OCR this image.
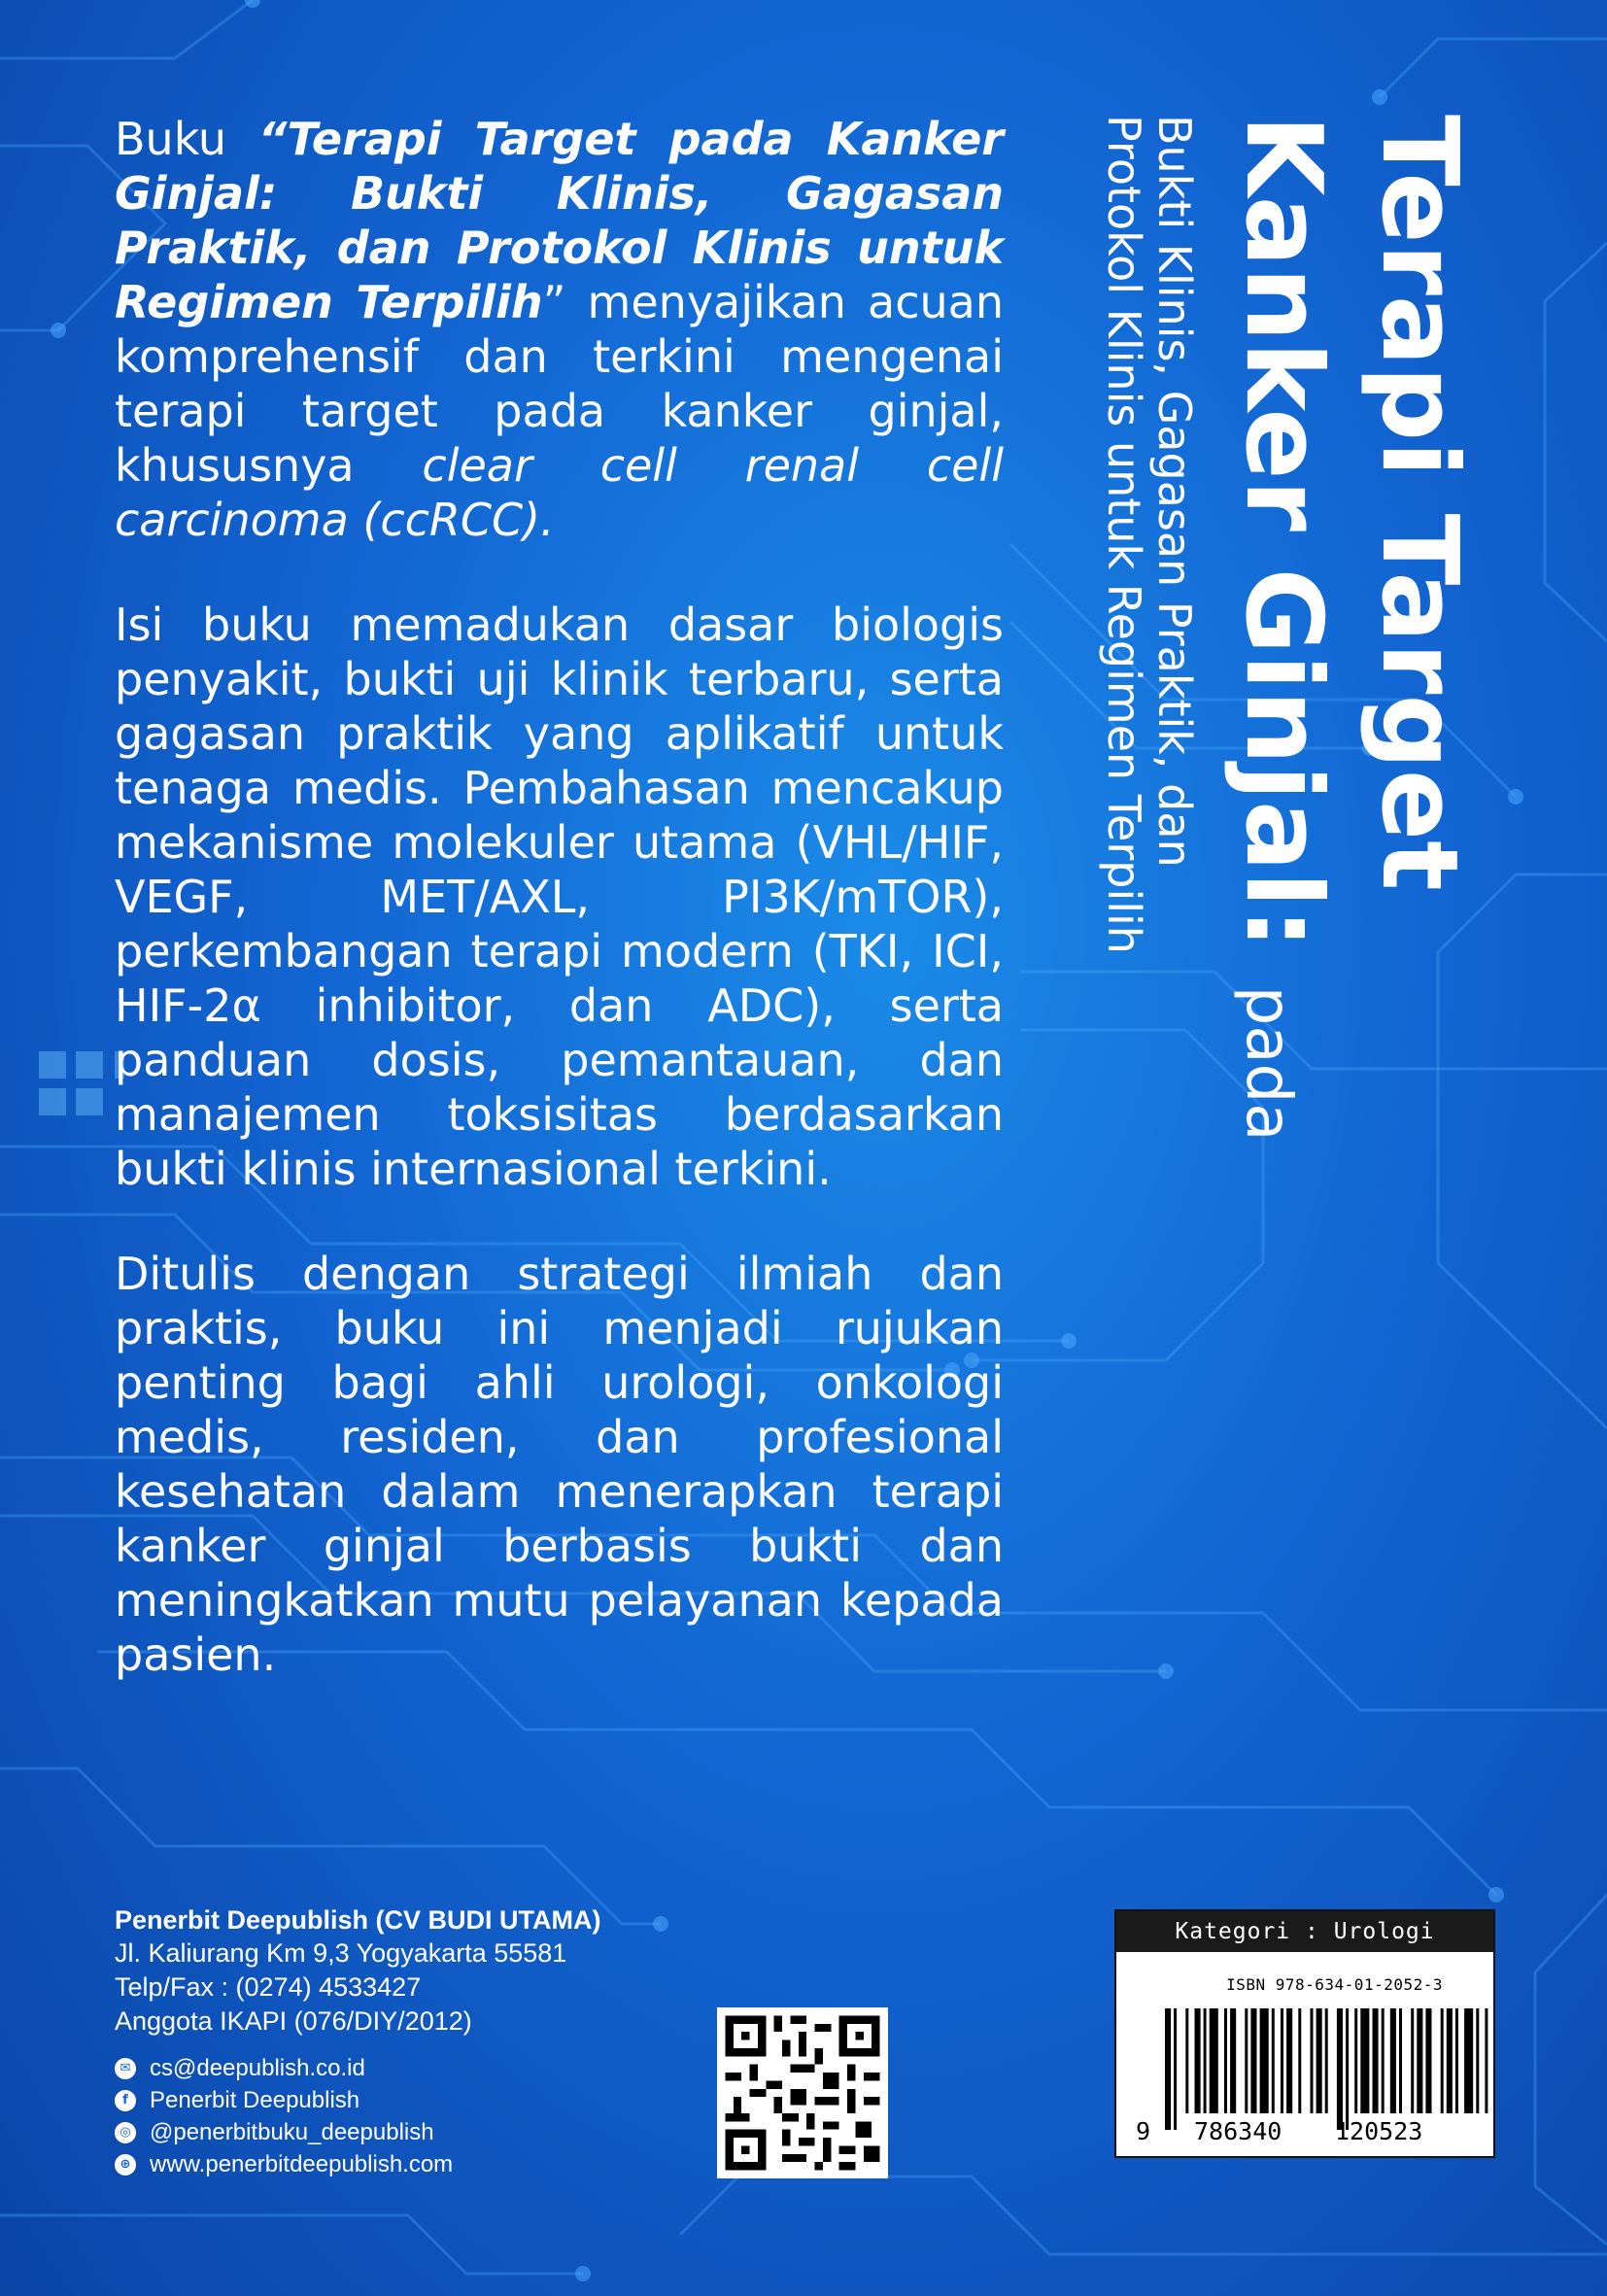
Buku “Terapi Target pada Kanker Ginjal: Bukti Klinis, Gagasan Praktik, dan Protokol Klinis untuk Regimen Terpilih” menyajikan acuan komprehensif dan terkini mengenai terapi target pada kanker ginjal, khususnya clear cell renal cell carcinoma (ccRCC).

Isi buku memadukan dasar biologis penyakit, bukti uji klinik terbaru, serta gagasan praktik yang aplikatif untuk tenaga medis. Pembahasan mencakup mekanisme molekuler utama (VHL/HIF, VEGF, MET/AXL, PI3K/mTOR), perkembangan terapi modern (TKI, ICI, HIF-2α inhibitor, dan ADC), serta panduan dosis, pemantauan, dan manajemen toksisitas berdasarkan bukti klinis internasional terkini.

Ditulis dengan strategi ilmiah dan praktis, buku ini menjadi rujukan penting bagi ahli urologi, onkologi medis, residen, dan profesional kesehatan dalam menerapkan terapi kanker ginjal berbasis bukti dan meningkatkan mutu pelayanan kepada pasien.

Terapi Target
Kanker Ginjal: pada
Bukti Klinis, Gagasan Praktik, dan
Protokol Klinis untuk Regimen Terpilih
Penerbit Deepublish (CV BUDI UTAMA)
Jl. Kaliurang Km 9,3 Yogyakarta 55581
Telp/Fax : (0274) 4533427
Anggota IKAPI (076/DIY/2012)
✉ cs@deepublish.co.id
f Penerbit Deepublish
◎ @penerbitbuku_deepublish
⊕ www.penerbitdeepublish.com
Kategori : Urologi
ISBN 978-634-01-2052-3
9 786340 120523
